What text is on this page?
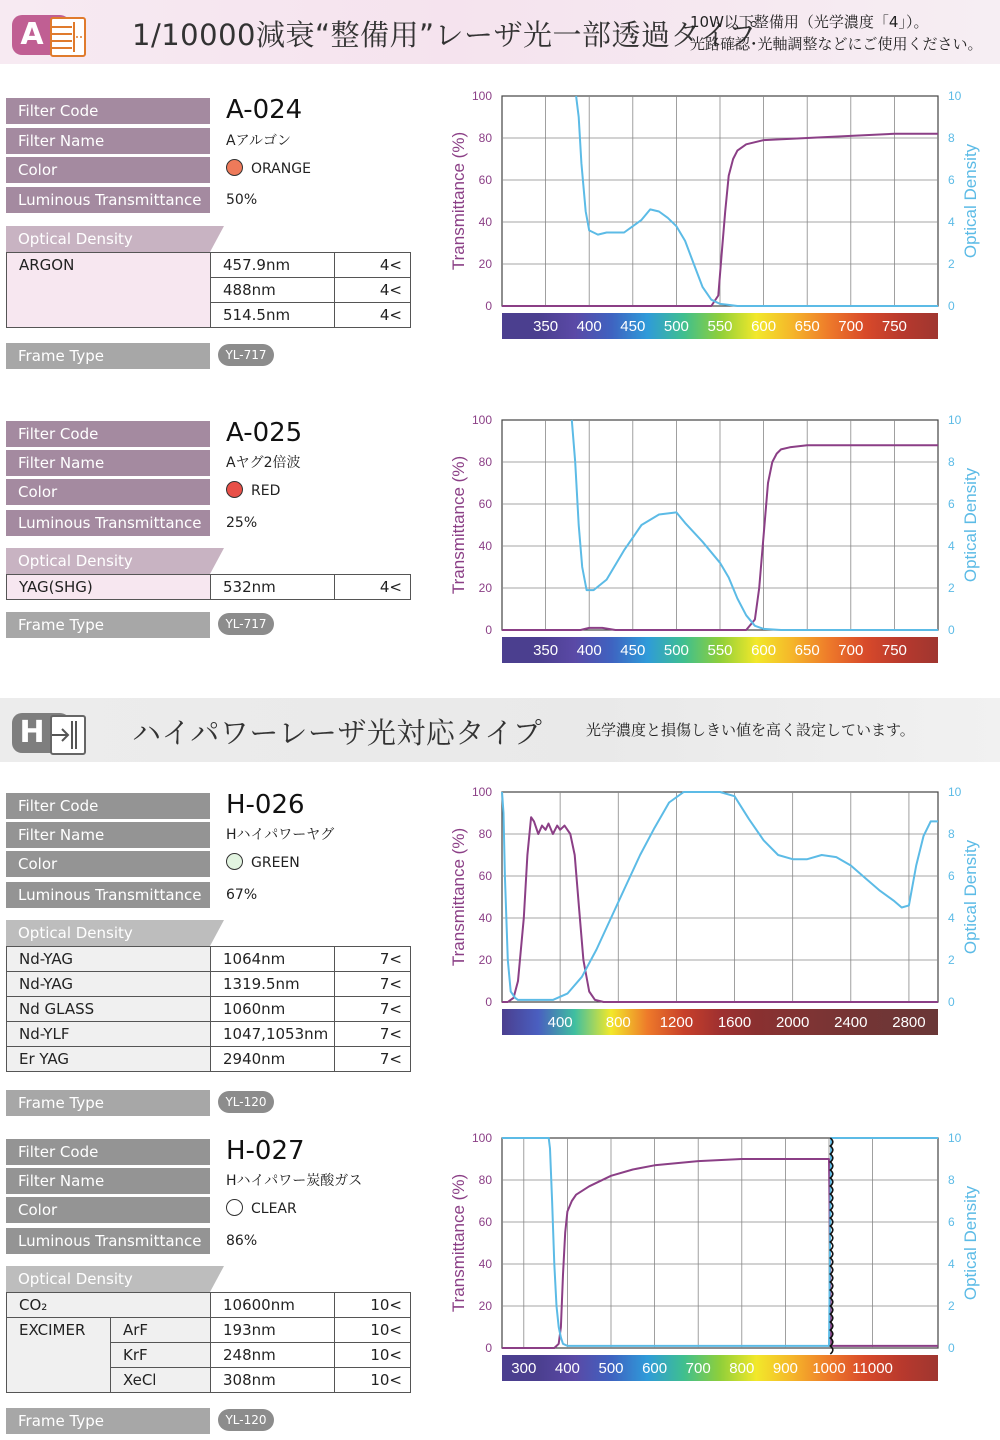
A	1/10000減衰“整備用”レーザ光一部透過タイプ
10W以下整備用（光学濃度「4」）。
光路確認･光軸調整などにご使用ください。
Filter Code	A-024
Filter Name	Aアルゴン
Color	ORANGE
Luminous Transmittance	50%
Optical Density
ARGON	457.9nm	4<
	488nm	4<
	514.5nm	4<
Frame Type	YL-717
Filter Code	A-025
Filter Name	Aヤグ2倍波
Color	RED
Luminous Transmittance	25%
Optical Density
YAG(SHG)	532nm	4<
Frame Type	YL-717
H	ハイパワーレーザ光対応タイプ	光学濃度と損傷しきい値を高く設定しています。
Filter Code	H-026
Filter Name	Hハイパワーヤグ
Color	GREEN
Luminous Transmittance	67%
Optical Density
Nd-YAG	1064nm	7<
Nd-YAG	1319.5nm	7<
Nd GLASS	1060nm	7<
Nd-YLF	1047,1053nm	7<
Er YAG	2940nm	7<
Frame Type	YL-120
Filter Code	H-027
Filter Name	Hハイパワー炭酸ガス
Color	CLEAR
Luminous Transmittance	86%
Optical Density
CO₂		10600nm	10<
EXCIMER	ArF	193nm	10<
	KrF	248nm	10<
	XeCl	308nm	10<
Frame Type	YL-120
0
20
40
60
80
100
0
2
4
6
8
10
Transmittance (%)	Optical Density
350 400 450 500 550 600 650 700 750
0
20
40
60
80
100
0
2
4
6
8
10
Transmittance (%)	Optical Density
350 400 450 500 550 600 650 700 750
0
20
40
60
80
100
0
2
4
6
8
10
Transmittance (%)	Optical Density
400 800 1200 1600 2000 2400 2800
0
20
40
60
80
100
0
2
4
6
8
10
Transmittance (%)	Optical Density
300 400 500 600 700 800 900 1000 11000
